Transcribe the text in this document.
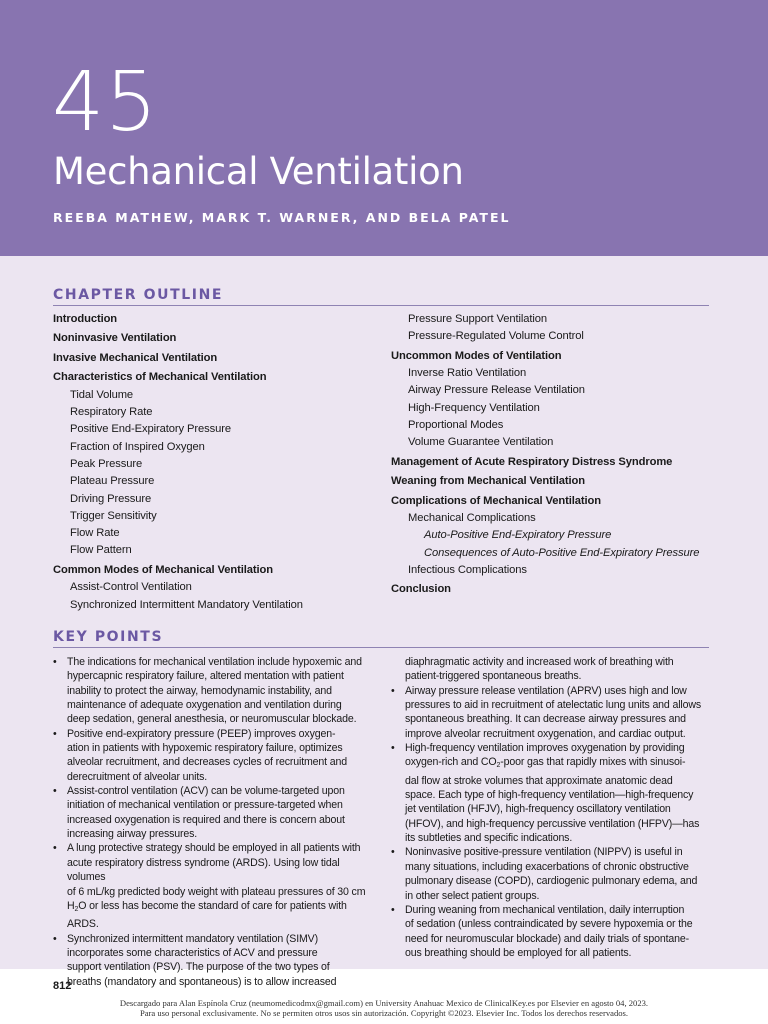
45
Mechanical Ventilation
REEBA MATHEW, MARK T. WARNER, AND BELA PATEL
CHAPTER OUTLINE
Introduction
Noninvasive Ventilation
Invasive Mechanical Ventilation
Characteristics of Mechanical Ventilation
Tidal Volume
Respiratory Rate
Positive End-Expiratory Pressure
Fraction of Inspired Oxygen
Peak Pressure
Plateau Pressure
Driving Pressure
Trigger Sensitivity
Flow Rate
Flow Pattern
Common Modes of Mechanical Ventilation
Assist-Control Ventilation
Synchronized Intermittent Mandatory Ventilation
Pressure Support Ventilation
Pressure-Regulated Volume Control
Uncommon Modes of Ventilation
Inverse Ratio Ventilation
Airway Pressure Release Ventilation
High-Frequency Ventilation
Proportional Modes
Volume Guarantee Ventilation
Management of Acute Respiratory Distress Syndrome
Weaning from Mechanical Ventilation
Complications of Mechanical Ventilation
Mechanical Complications
Auto-Positive End-Expiratory Pressure
Consequences of Auto-Positive End-Expiratory Pressure
Infectious Complications
Conclusion
KEY POINTS
• The indications for mechanical ventilation include hypoxemic and
hypercapnic respiratory failure, altered mentation with patient
inability to protect the airway, hemodynamic instability, and
maintenance of adequate oxygenation and ventilation during
deep sedation, general anesthesia, or neuromuscular blockade.
• Positive end-expiratory pressure (PEEP) improves oxygen-
ation in patients with hypoxemic respiratory failure, optimizes
alveolar recruitment, and decreases cycles of recruitment and
derecruitment of alveolar units.
• Assist-control ventilation (ACV) can be volume-targeted upon
initiation of mechanical ventilation or pressure-targeted when
increased oxygenation is required and there is concern about
increasing airway pressures.
• A lung protective strategy should be employed in all patients with
acute respiratory distress syndrome (ARDS). Using low tidal volumes
of 6 mL/kg predicted body weight with plateau pressures of 30 cm
$H_2O$ or less has become the standard of care for patients with ARDS.
• Synchronized intermittent mandatory ventilation (SIMV)
incorporates some characteristics of ACV and pressure
support ventilation (PSV). The purpose of the two types of
breaths (mandatory and spontaneous) is to allow increased
diaphragmatic activity and increased work of breathing with
patient-triggered spontaneous breaths.
• Airway pressure release ventilation (APRV) uses high and low
pressures to aid in recruitment of atelectatic lung units and allows
spontaneous breathing. It can decrease airway pressures and
improve alveolar recruitment oxygenation, and cardiac output.
• High-frequency ventilation improves oxygenation by providing
oxygen-rich and $CO_2$-poor gas that rapidly mixes with sinusoi-
dal flow at stroke volumes that approximate anatomic dead
space. Each type of high-frequency ventilation—high-frequency
jet ventilation (HFJV), high-frequency oscillatory ventilation
(HFOV), and high-frequency percussive ventilation (HFPV)—has
its subtleties and specific indications.
• Noninvasive positive-pressure ventilation (NIPPV) is useful in
many situations, including exacerbations of chronic obstructive
pulmonary disease (COPD), cardiogenic pulmonary edema, and
in other select patient groups.
• During weaning from mechanical ventilation, daily interruption
of sedation (unless contraindicated by severe hypoxemia or the
need for neuromuscular blockade) and daily trials of spontane-
ous breathing should be employed for all patients.
812
Descargado para Alan Espínola Cruz (neumomedicodmx@gmail.com) en University Anahuac Mexico de ClinicalKey.es por Elsevier en agosto 04, 2023.
Para uso personal exclusivamente. No se permiten otros usos sin autorización. Copyright ©2023. Elsevier Inc. Todos los derechos reservados.
